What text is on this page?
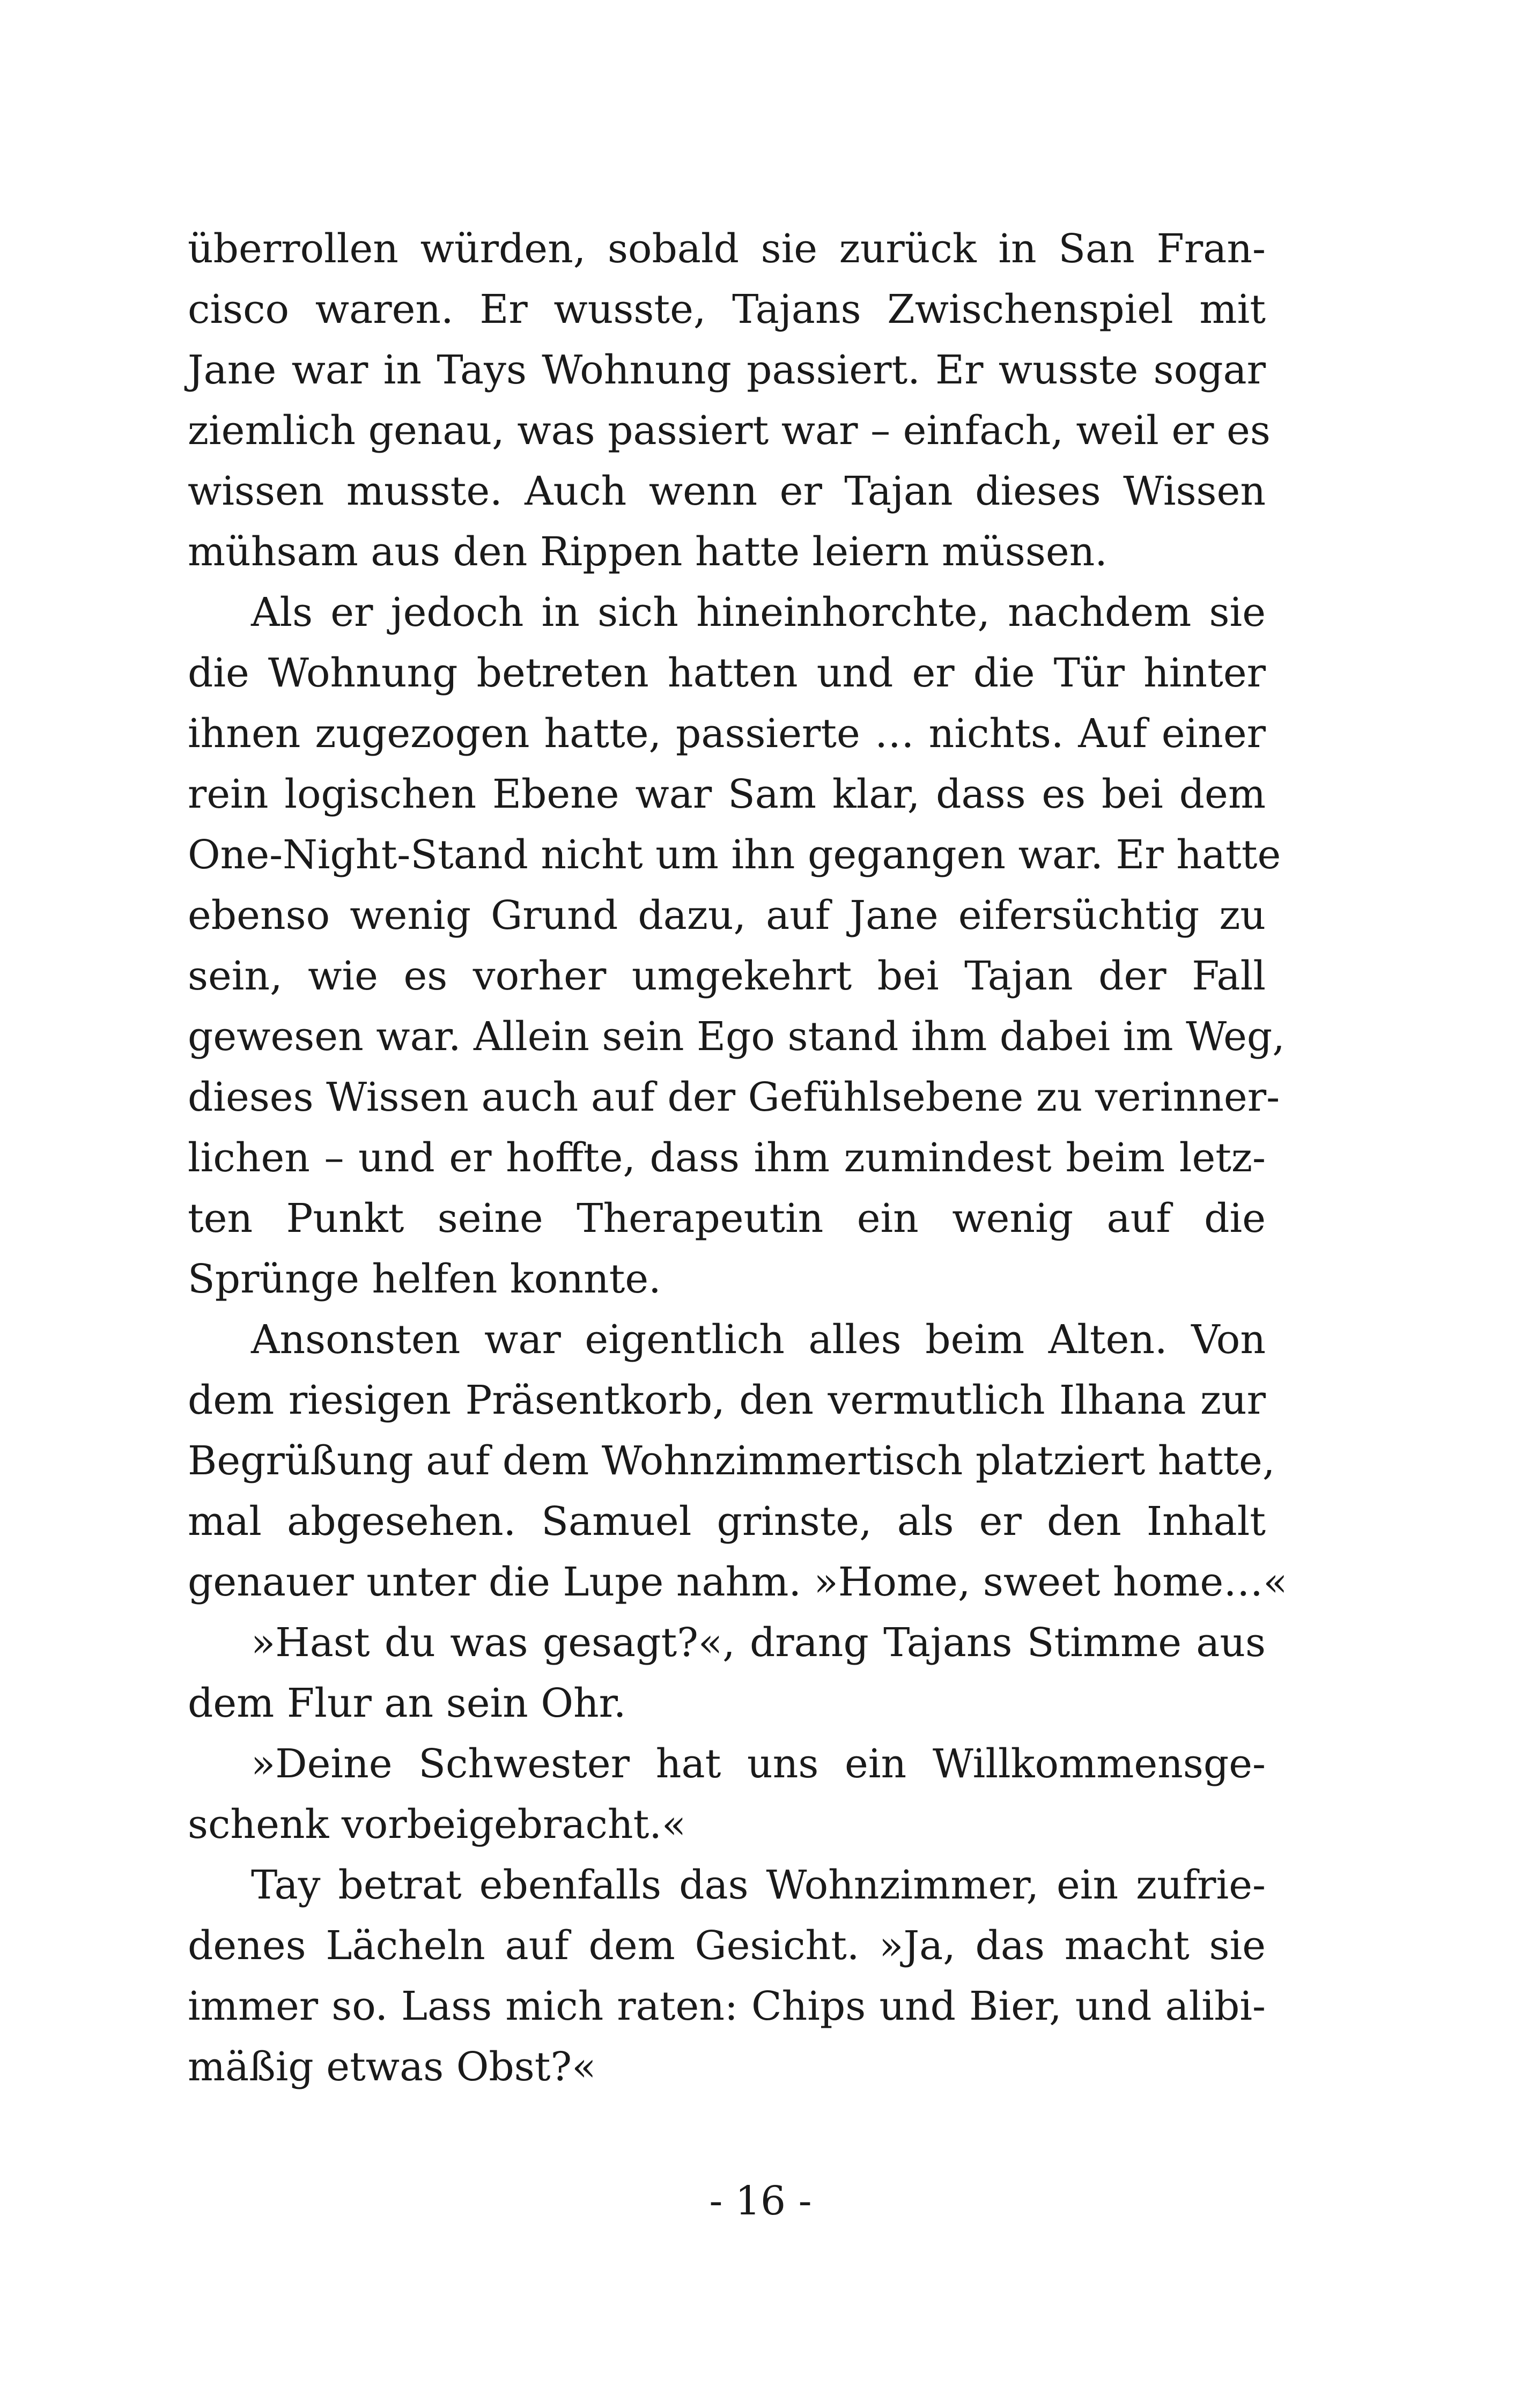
überrollen würden, sobald sie zurück in San Fran-
cisco waren. Er wusste, Tajans Zwischenspiel mit
Jane war in Tays Wohnung passiert. Er wusste sogar
ziemlich genau, was passiert war – einfach, weil er es
wissen musste. Auch wenn er Tajan dieses Wissen
mühsam aus den Rippen hatte leiern müssen.
Als er jedoch in sich hineinhorchte, nachdem sie
die Wohnung betreten hatten und er die Tür hinter
ihnen zugezogen hatte, passierte … nichts. Auf einer
rein logischen Ebene war Sam klar, dass es bei dem
One-Night-Stand nicht um ihn gegangen war. Er hatte
ebenso wenig Grund dazu, auf Jane eifersüchtig zu
sein, wie es vorher umgekehrt bei Tajan der Fall
gewesen war. Allein sein Ego stand ihm dabei im Weg,
dieses Wissen auch auf der Gefühlsebene zu verinner-
lichen – und er hoffte, dass ihm zumindest beim letz-
ten Punkt seine Therapeutin ein wenig auf die
Sprünge helfen konnte.
Ansonsten war eigentlich alles beim Alten. Von
dem riesigen Präsentkorb, den vermutlich Ilhana zur
Begrüßung auf dem Wohnzimmertisch platziert hatte,
mal abgesehen. Samuel grinste, als er den Inhalt
genauer unter die Lupe nahm. »Home, sweet home…«
»Hast du was gesagt?«, drang Tajans Stimme aus
dem Flur an sein Ohr.
»Deine Schwester hat uns ein Willkommensge-
schenk vorbeigebracht.«
Tay betrat ebenfalls das Wohnzimmer, ein zufrie-
denes Lächeln auf dem Gesicht. »Ja, das macht sie
immer so. Lass mich raten: Chips und Bier, und alibi-
mäßig etwas Obst?«
- 16 -
